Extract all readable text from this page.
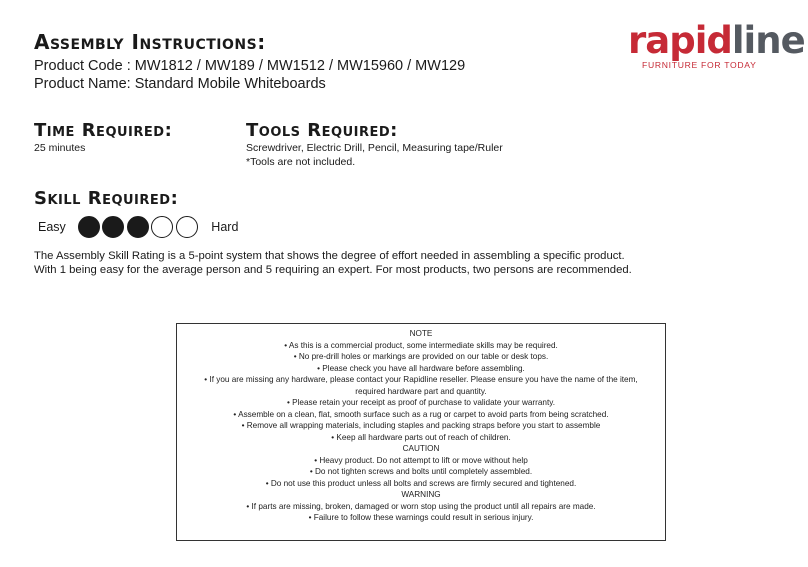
Assembly Instructions:
Product Code : MW1812 / MW189 / MW1512 / MW15960 / MW129
Product Name: Standard Mobile Whiteboards
rapidline
FURNITURE FOR TODAY
Time Required:
25 minutes
Tools Required:
Screwdriver, Electric Drill, Pencil, Measuring tape/Ruler
*Tools are not included.
Skill Required:
Easy	Hard
The Assembly Skill Rating is a 5-point system that shows the degree of effort needed in assembling a specific product.
With 1 being easy for the average person and 5 requiring an expert. For most products, two persons are recommended.
NOTE
• As this is a commercial product, some intermediate skills may be required.
• No pre-drill holes or markings are provided on our table or desk tops.
• Please check you have all hardware before assembling.
• If you are missing any hardware, please contact your Rapidline reseller. Please ensure you have the name of the item,
required hardware part and quantity.
• Please retain your receipt as proof of purchase to validate your warranty.
• Assemble on a clean, flat, smooth surface such as a rug or carpet to avoid parts from being scratched.
• Remove all wrapping materials, including staples and packing straps before you start to assemble
• Keep all hardware parts out of reach of children.
CAUTION
• Heavy product. Do not attempt to lift or move without help
• Do not tighten screws and bolts until completely assembled.
• Do not use this product unless all bolts and screws are firmly secured and tightened.
WARNING
• If parts are missing, broken, damaged or worn stop using the product until all repairs are made.
• Failure to follow these warnings could result in serious injury.
